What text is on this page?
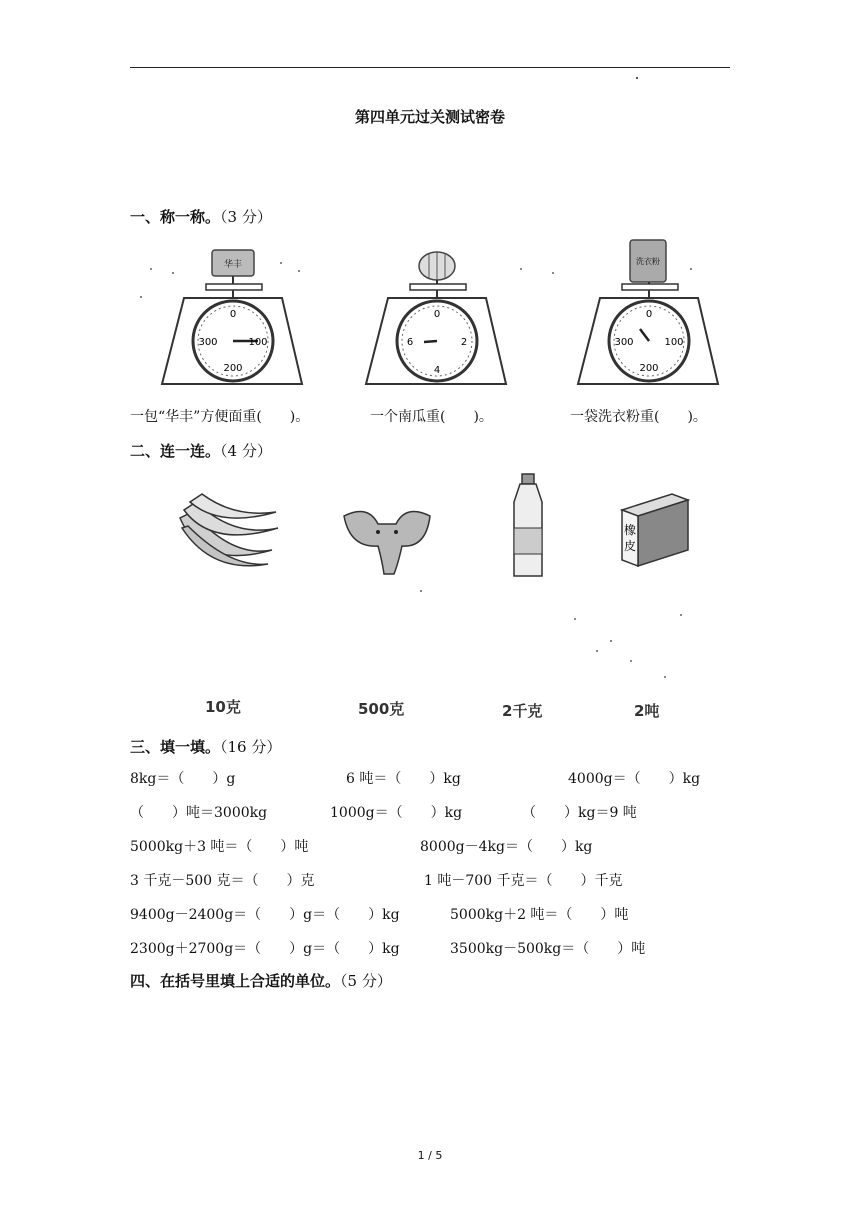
第四单元过关测试密卷
一、称一称。（3 分）
0
300	100
200
华丰
0
6	2
4
0
300	100
200
洗衣粉
一包“华丰”方便面重(　　)。	一个南瓜重(　　)。	一袋洗衣粉重(　　)。
二、连一连。（4 分）
橡
皮
10克	500克	2千克	2吨
三、填一填。（16 分）
8kg＝（　　）g	6 吨＝（　　）kg	4000g＝（　　）kg
（　　）吨＝3000kg	1000g＝（　　）kg	（　　）kg＝9 吨
5000kg＋3 吨＝（　　）吨	8000g－4kg＝（　　）kg
3 千克－500 克＝（　　）克	1 吨－700 千克＝（　　）千克
9400g－2400g＝（　　）g＝（　　）kg	5000kg＋2 吨＝（　　）吨
2300g＋2700g＝（　　）g＝（　　）kg	3500kg－500kg＝（　　）吨
四、在括号里填上合适的单位。（5 分）
1 / 5
